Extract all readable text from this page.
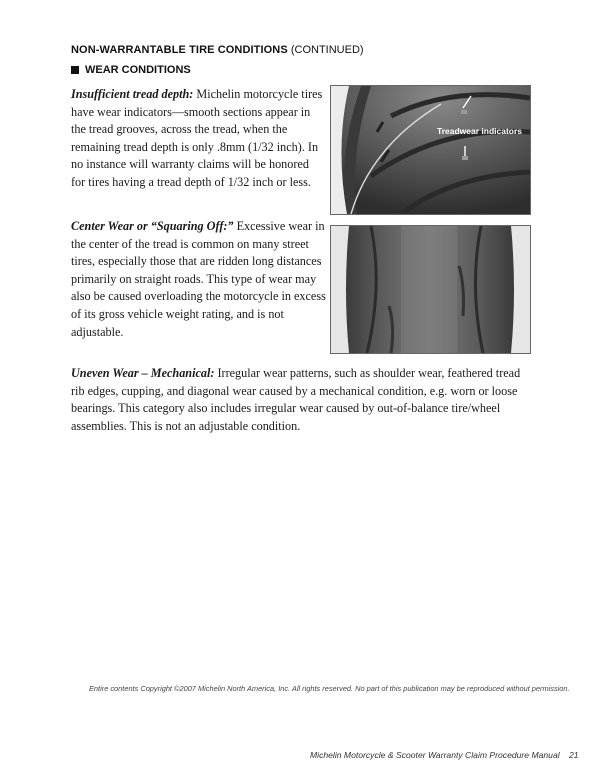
NON-WARRANTABLE TIRE CONDITIONS (CONTINUED)
WEAR CONDITIONS
Insufficient tread depth: Michelin motorcycle tires have wear indicators—smooth sections appear in the tread grooves, across the tread, when the remaining tread depth is only .8mm (1/32 inch). In no instance will warranty claims will be honored for tires having a tread depth of 1/32 inch or less.
Center Wear or “Squaring Off:” Excessive wear in the center of the tread is common on many street tires, especially those that are ridden long distances primarily on straight roads. This type of wear may also be caused overloading the motorcycle in excess of its gross vehicle weight rating, and is not adjustable.
Uneven Wear – Mechanical: Irregular wear patterns, such as shoulder wear, feathered tread rib edges, cupping, and diagonal wear caused by a mechanical condition, e.g. worn or loose bearings. This category also includes irregular wear caused by out-of-balance tire/wheel assemblies. This is not an adjustable condition.
Treadwear indicators
Entire contents Copyright ©2007 Michelin North America, Inc. All rights reserved. No part of this publication may be reproduced without permission.
Michelin Motorcycle & Scooter Warranty Claim Procedure Manual 21
